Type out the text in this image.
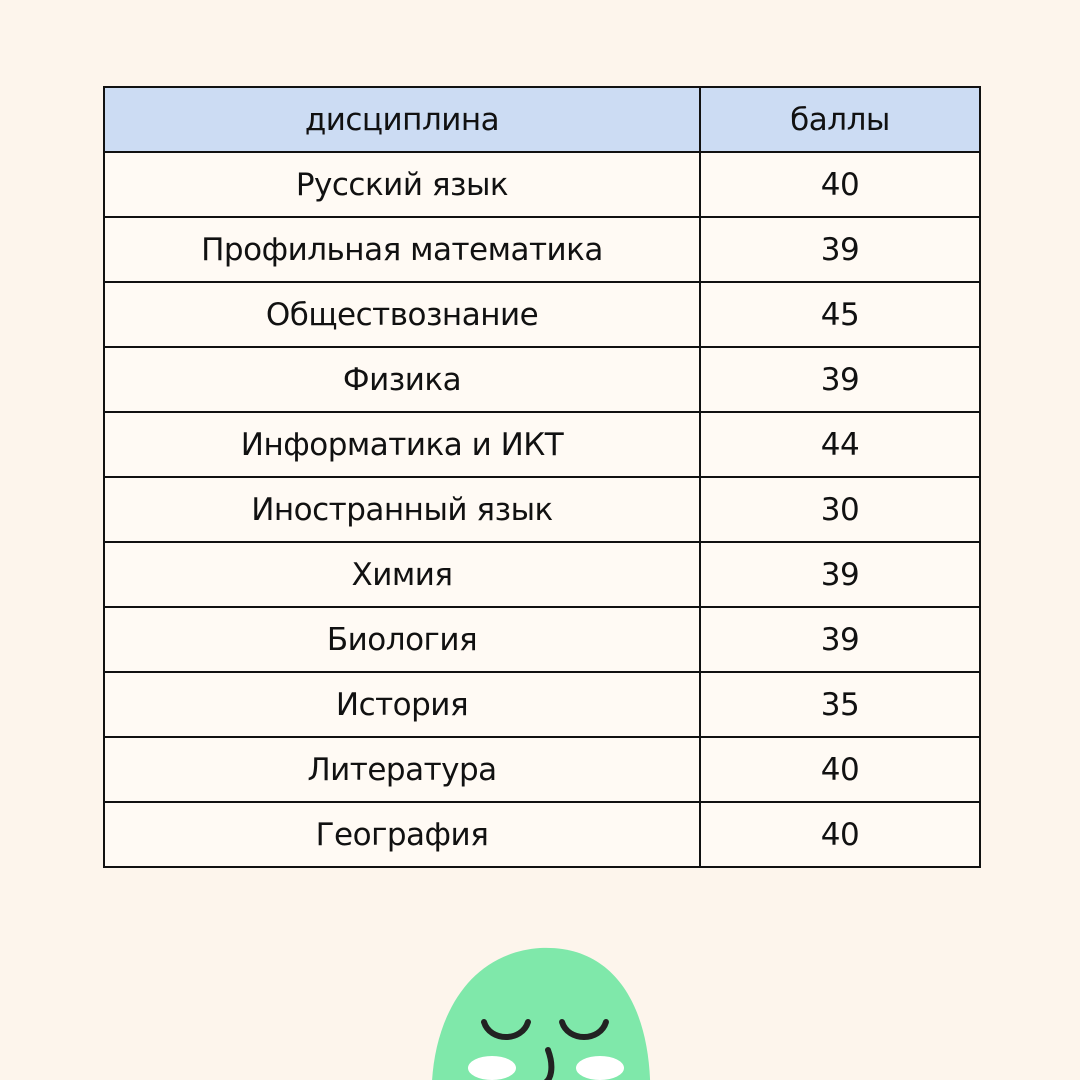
дисциплина	баллы
Русский язык	40
Профильная математика	39
Обществознание	45
Физика	39
Информатика и ИКТ	44
Иностранный язык	30
Химия	39
Биология	39
История	35
Литература	40
География	40
